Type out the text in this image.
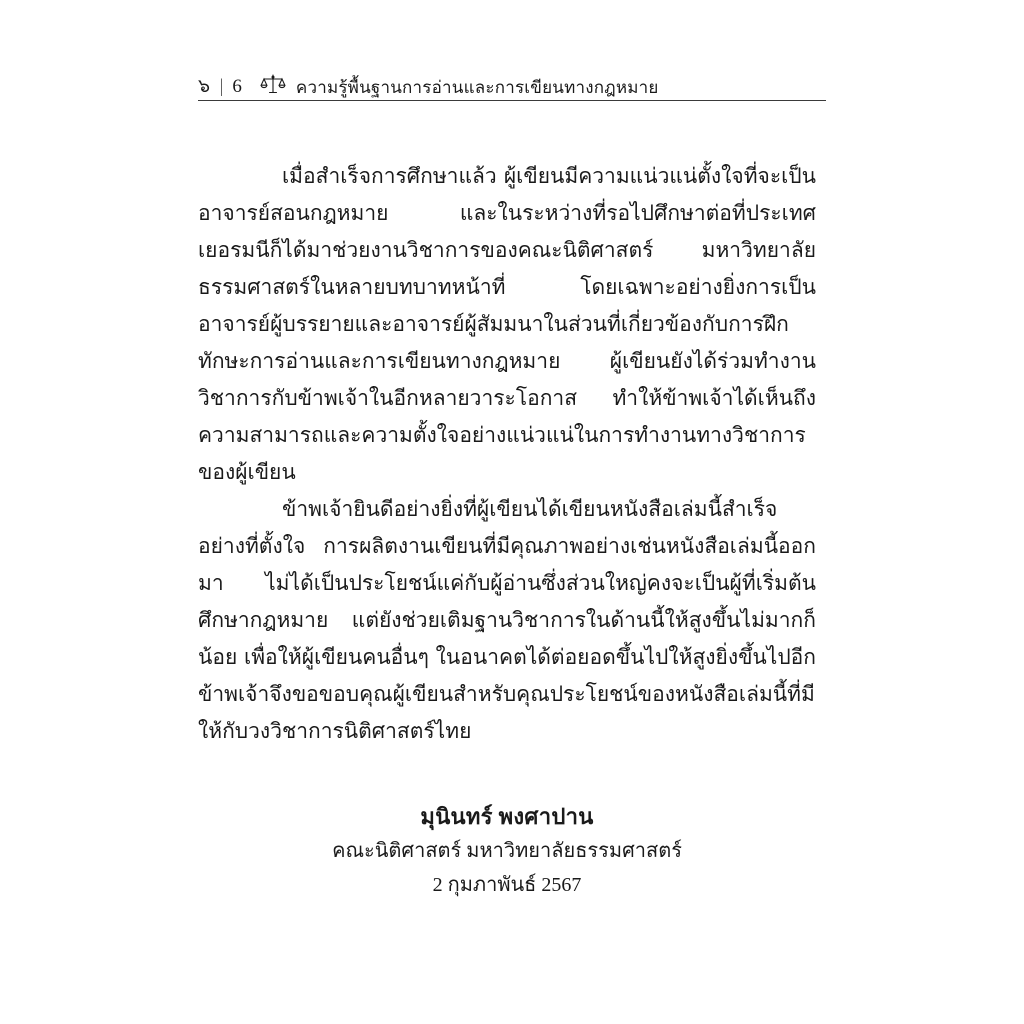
๖ | 6	ความรู้พื้นฐานการอ่านและการเขียนทางกฎหมาย

เมื่อสำเร็จการศึกษาแล้ว ผู้เขียนมีความแน่วแน่ตั้งใจที่จะเป็นอาจารย์สอนกฎหมาย และในระหว่างที่รอไปศึกษาต่อที่ประเทศเยอรมนีก็ได้มาช่วยงานวิชาการของคณะนิติศาสตร์ มหาวิทยาลัยธรรมศาสตร์ในหลายบทบาทหน้าที่ โดยเฉพาะอย่างยิ่งการเป็นอาจารย์ผู้บรรยายและอาจารย์ผู้สัมมนาในส่วนที่เกี่ยวข้องกับการฝึกทักษะการอ่านและการเขียนทางกฎหมาย ผู้เขียนยังได้ร่วมทำงานวิชาการกับข้าพเจ้าในอีกหลายวาระโอกาส ทำให้ข้าพเจ้าได้เห็นถึงความสามารถและความตั้งใจอย่างแน่วแน่ในการทำงานทางวิชาการของผู้เขียน

ข้าพเจ้ายินดีอย่างยิ่งที่ผู้เขียนได้เขียนหนังสือเล่มนี้สำเร็จอย่างที่ตั้งใจ การผลิตงานเขียนที่มีคุณภาพอย่างเช่นหนังสือเล่มนี้ออกมา ไม่ได้เป็นประโยชน์แค่กับผู้อ่านซึ่งส่วนใหญ่คงจะเป็นผู้ที่เริ่มต้นศึกษากฎหมาย แต่ยังช่วยเติมฐานวิชาการในด้านนี้ให้สูงขึ้นไม่มากก็น้อย เพื่อให้ผู้เขียนคนอื่นๆ ในอนาคตได้ต่อยอดขึ้นไปให้สูงยิ่งขึ้นไปอีก ข้าพเจ้าจึงขอขอบคุณผู้เขียนสำหรับคุณประโยชน์ของหนังสือเล่มนี้ที่มีให้กับวงวิชาการนิติศาสตร์ไทย

มุนินทร์ พงศาปาน
คณะนิติศาสตร์ มหาวิทยาลัยธรรมศาสตร์
2 กุมภาพันธ์ 2567
